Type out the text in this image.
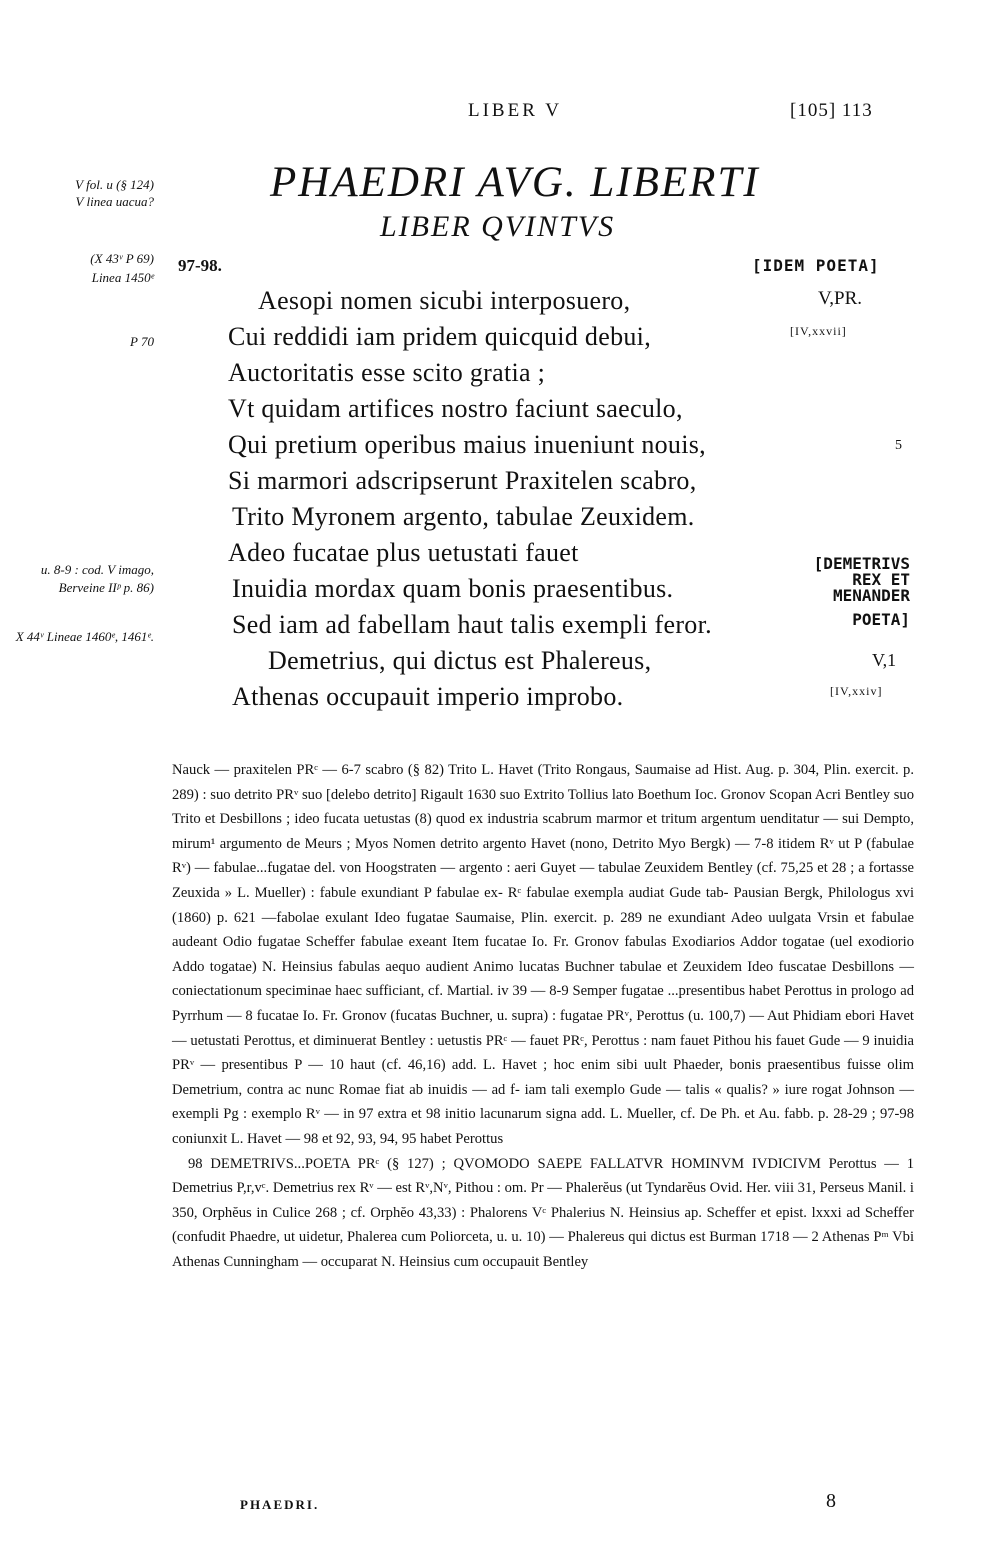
LIBER V	[105] 113
V fol. u (§ 124)
V linea uacua?
(X 43ᵛ P 69)
Linea 1450ᵉ
P 70
u. 8-9 : cod. V imago, Berveine IIᵖ p. 86)
X 44ᵛ Lineae 1460ᵉ, 1461ᵉ.
PHAEDRI AVG. LIBERTI
LIBER QVINTVS
97-98.	[IDEM POETA]
Aesopi nomen sicubi interposuero,	V,PR.
Cui reddidi iam pridem quicquid debui,	[IV,xxvii]
Auctoritatis esse scito gratia ;
Vt quidam artifices nostro faciunt saeculo,
Qui pretium operibus maius inueniunt nouis,	5
Si marmori adscripserunt Praxitelen scabro,
Trito Myronem argento, tabulae Zeuxidem.
Adeo fucatae plus uetustati fauet
Inuidia mordax quam bonis praesentibus.
Sed iam ad fabellam haut talis exempli feror.
Demetrius, qui dictus est Phalereus,	V,1
Athenas occupauit imperio improbo.	[IV,xxiv]
[DEMETRIVS
REX ET
MENANDER
POETA]

Nauck — praxitelen PRᶜ — 6-7 scabro (§ 82) Trito L. Havet (Trito Rongaus, Saumaise ad Hist. Aug. p. 304, Plin. exercit. p. 289) : suo detrito PRᵛ suo [delebo detrito] Rigault 1630 suo Extrito Tollius lato Boethum Ioc. Gronov Scopan Acri Bentley suo Trito et Desbillons ; ideo fucata uetustas (8) quod ex industria scabrum marmor et tritum argentum uenditatur — sui Dempto, mirum¹ argumento de Meurs ; Myos Nomen detrito argento Havet (nono, Detrito Myo Bergk) — 7-8 itidem Rᵛ ut P (fabulae Rᵛ) — fabulae...fugatae del. von Hoogstraten — argento : aeri Guyet — tabulae Zeuxidem Bentley (cf. 75,25 et 28 ; a fortasse Zeuxida » L. Mueller) : fabule exundiant P fabulae ex- Rᶜ fabulae exempla audiat Gude tab- Pausian Bergk, Philologus xvi (1860) p. 621 —fabolae exulant Ideo fugatae Saumaise, Plin. exercit. p. 289 ne exundiant Adeo uulgata Vrsin et fabulae audeant Odio fugatae Scheffer fabulae exeant Item fucatae Io. Fr. Gronov fabulas Exodiarios Addor togatae (uel exodiorio Addo togatae) N. Heinsius fabulas aequo audient Animo lucatas Buchner tabulae et Zeuxidem Ideo fuscatae Desbillons — coniectationum speciminae haec sufficiant, cf. Martial. iv 39 — 8-9 Semper fugatae ...presentibus habet Perottus in prologo ad Pyrrhum — 8 fucatae Io. Fr. Gronov (fucatas Buchner, u. supra) : fugatae PRᵛ, Perottus (u. 100,7) — Aut Phidiam ebori Havet — uetustati Perottus, et diminuerat Bentley : uetustis PRᶜ — fauet PRᶜ, Perottus : nam fauet Pithou his fauet Gude — 9 inuidia PRᵛ — presentibus P — 10 haut (cf. 46,16) add. L. Havet ; hoc enim sibi uult Phaeder, bonis praesentibus fuisse olim Demetrium, contra ac nunc Romae fiat ab inuidis — ad f- iam tali exemplo Gude — talis « qualis? » iure rogat Johnson — exempli Pg : exemplo Rᵛ — in 97 extra et 98 initio lacunarum signa add. L. Mueller, cf. De Ph. et Au. fabb. p. 28-29 ; 97-98 coniunxit L. Havet — 98 et 92, 93, 94, 95 habet Perottus

98 DEMETRIVS...POETA PRᶜ (§ 127) ; QVOMODO SAEPE FALLATVR HOMINVM IVDICIVM Perottus — 1 Demetrius P,r,vᶜ. Demetrius rex Rᵛ — est Rᵛ,Nᵛ, Pithou : om. Pr — Phalerĕus (ut Tyndarĕus Ovid. Her. viii 31, Perseus Manil. i 350, Orphĕus in Culice 268 ; cf. Orphĕo 43,33) : Phalorens Vᶜ Phalerius N. Heinsius ap. Scheffer et epist. lxxxi ad Scheffer (confudit Phaedre, ut uidetur, Phalerea cum Poliorceta, u. u. 10) — Phalereus qui dictus est Burman 1718 — 2 Athenas Pᵐ Vbi Athenas Cunningham — occuparat N. Heinsius cum occupauit Bentley

PHAEDRI.	8
